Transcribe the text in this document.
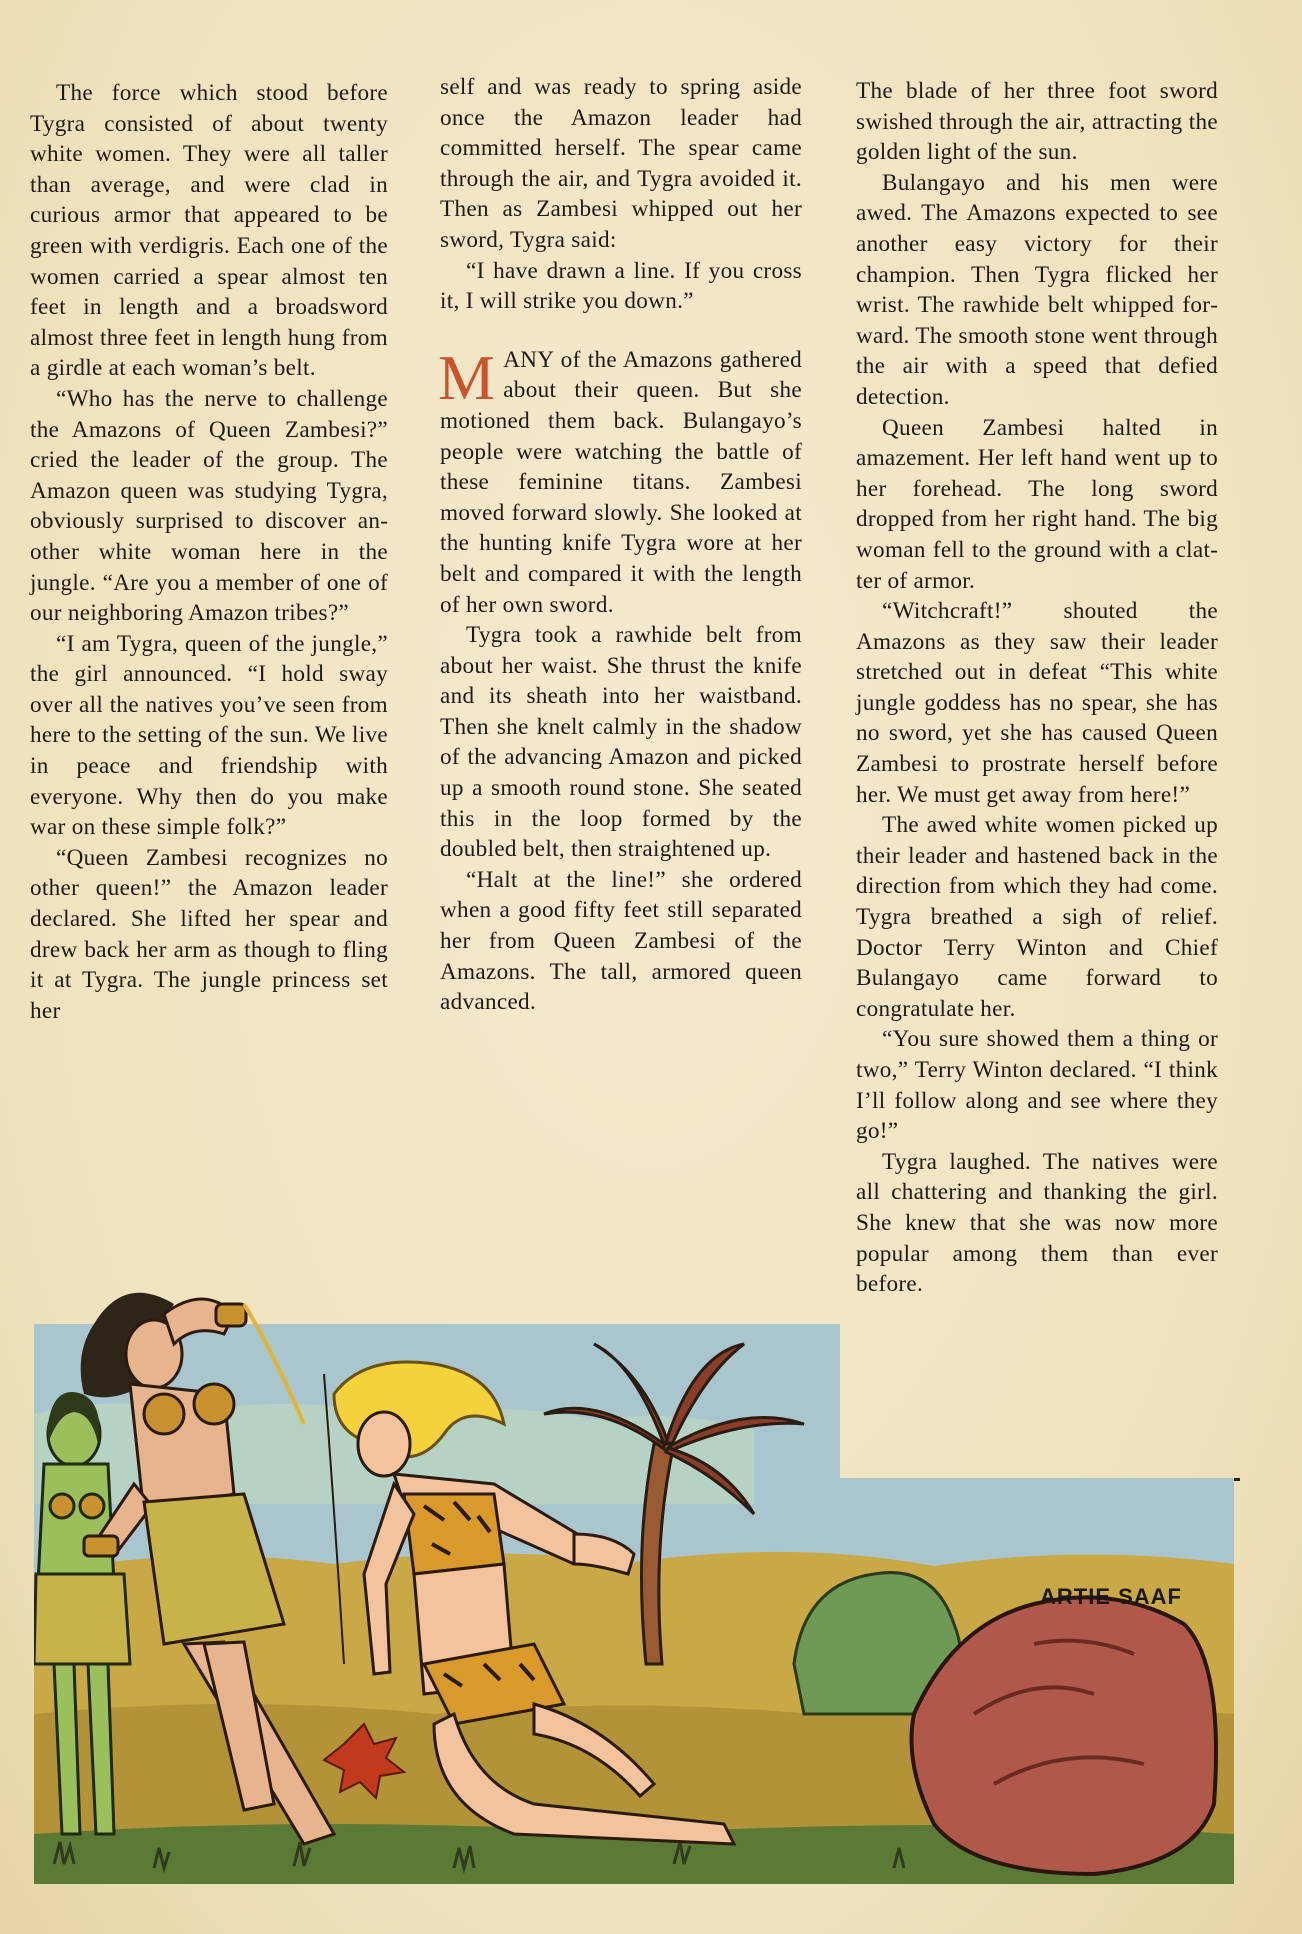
The force which stood before Tygra consisted of about twenty white women. They were all taller than average, and were clad in curious armor that appeared to be green with verdigris. Each one of the women carried a spear almost ten feet in length and a broadsword almost three feet in length hung from a girdle at each woman’s belt.

“Who has the nerve to challenge the Amazons of Queen Zambesi?” cried the leader of the group. The Amazon queen was studying Tygra, obviously surprised to discover another white woman here in the jungle. “Are you a member of one of our neighboring Amazon tribes?”

“I am Tygra, queen of the jungle,” the girl announced. “I hold sway over all the natives you’ve seen from here to the setting of the sun. We live in peace and friendship with everyone. Why then do you make war on these simple folk?”

“Queen Zambesi recognizes no other queen!” the Amazon leader declared. She lifted her spear and drew back her arm as though to fling it at Tygra. The jungle princess set her

self and was ready to spring aside once the Amazon leader had committed herself. The spear came through the air, and Tygra avoided it. Then as Zambesi whipped out her sword, Tygra said:

“I have drawn a line. If you cross it, I will strike you down.”

MANY of the Amazons gathered about their queen. But she motioned them back. Bulangayo’s people were watching the battle of these feminine titans. Zambesi moved forward slowly. She looked at the hunting knife Tygra wore at her belt and compared it with the length of her own sword.

Tygra took a rawhide belt from about her waist. She thrust the knife and its sheath into her waistband. Then she knelt calmly in the shadow of the advancing Amazon and picked up a smooth round stone. She seated this in the loop formed by the doubled belt, then straightened up.

“Halt at the line!” she ordered when a good fifty feet still separated her from Queen Zambesi of the Amazons. The tall, armored queen advanced.

The blade of her three foot sword swished through the air, attracting the golden light of the sun.

Bulangayo and his men were awed. The Amazons expected to see another easy victory for their champion. Then Tygra flicked her wrist. The rawhide belt whipped forward. The smooth stone went through the air with a speed that defied detection.

Queen Zambesi halted in amazement. Her left hand went up to her forehead. The long sword dropped from her right hand. The big woman fell to the ground with a clatter of armor.

“Witchcraft!” shouted the Amazons as they saw their leader stretched out in defeat “This white jungle goddess has no spear, she has no sword, yet she has caused Queen Zambesi to prostrate herself before her. We must get away from here!”

The awed white women picked up their leader and hastened back in the direction from which they had come. Tygra breathed a sigh of relief. Doctor Terry Winton and Chief Bulangayo came forward to congratulate her.

“You sure showed them a thing or two,” Terry Winton declared. “I think I’ll follow along and see where they go!”

Tygra laughed. The natives were all chattering and thanking the girl. She knew that she was now more popular among them than ever before.

ARTIE SAAF
